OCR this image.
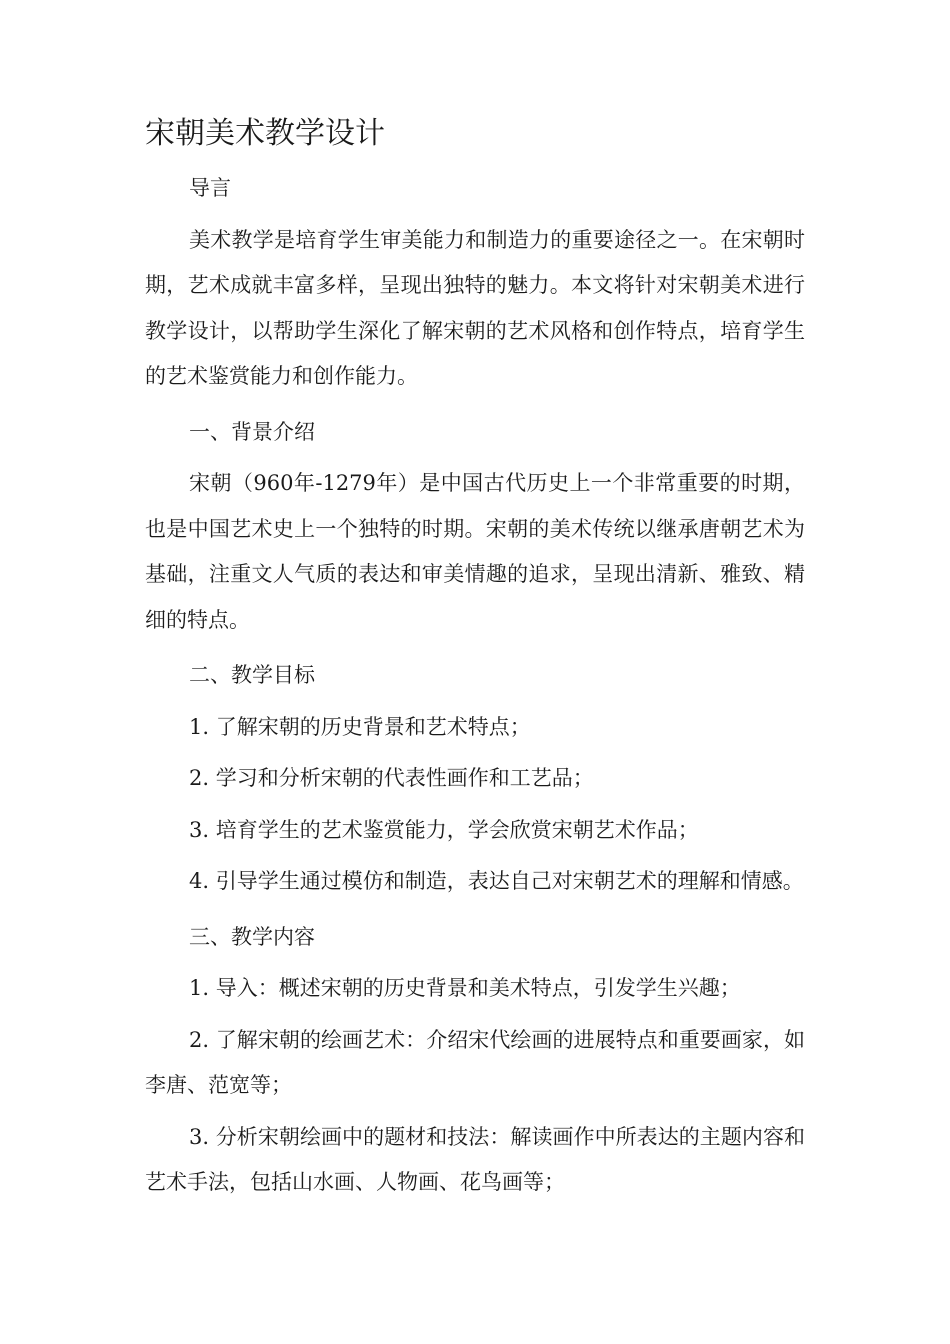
宋朝美术教学设计

导言

美术教学是培育学生审美能力和制造力的重要途径之一。在宋朝时期，艺术成就丰富多样，呈现出独特的魅力。本文将针对宋朝美术进行教学设计，以帮助学生深化了解宋朝的艺术风格和创作特点，培育学生的艺术鉴赏能力和创作能力。

一、背景介绍

宋朝（960年-1279年）是中国古代历史上一个非常重要的时期，也是中国艺术史上一个独特的时期。宋朝的美术传统以继承唐朝艺术为基础，注重文人气质的表达和审美情趣的追求，呈现出清新、雅致、精细的特点。

二、教学目标

1. 了解宋朝的历史背景和艺术特点；

2. 学习和分析宋朝的代表性画作和工艺品；

3. 培育学生的艺术鉴赏能力，学会欣赏宋朝艺术作品；

4. 引导学生通过模仿和制造，表达自己对宋朝艺术的理解和情感。

三、教学内容

1. 导入：概述宋朝的历史背景和美术特点，引发学生兴趣；

2. 了解宋朝的绘画艺术：介绍宋代绘画的进展特点和重要画家，如李唐、范宽等；

3. 分析宋朝绘画中的题材和技法：解读画作中所表达的主题内容和艺术手法，包括山水画、人物画、花鸟画等；
